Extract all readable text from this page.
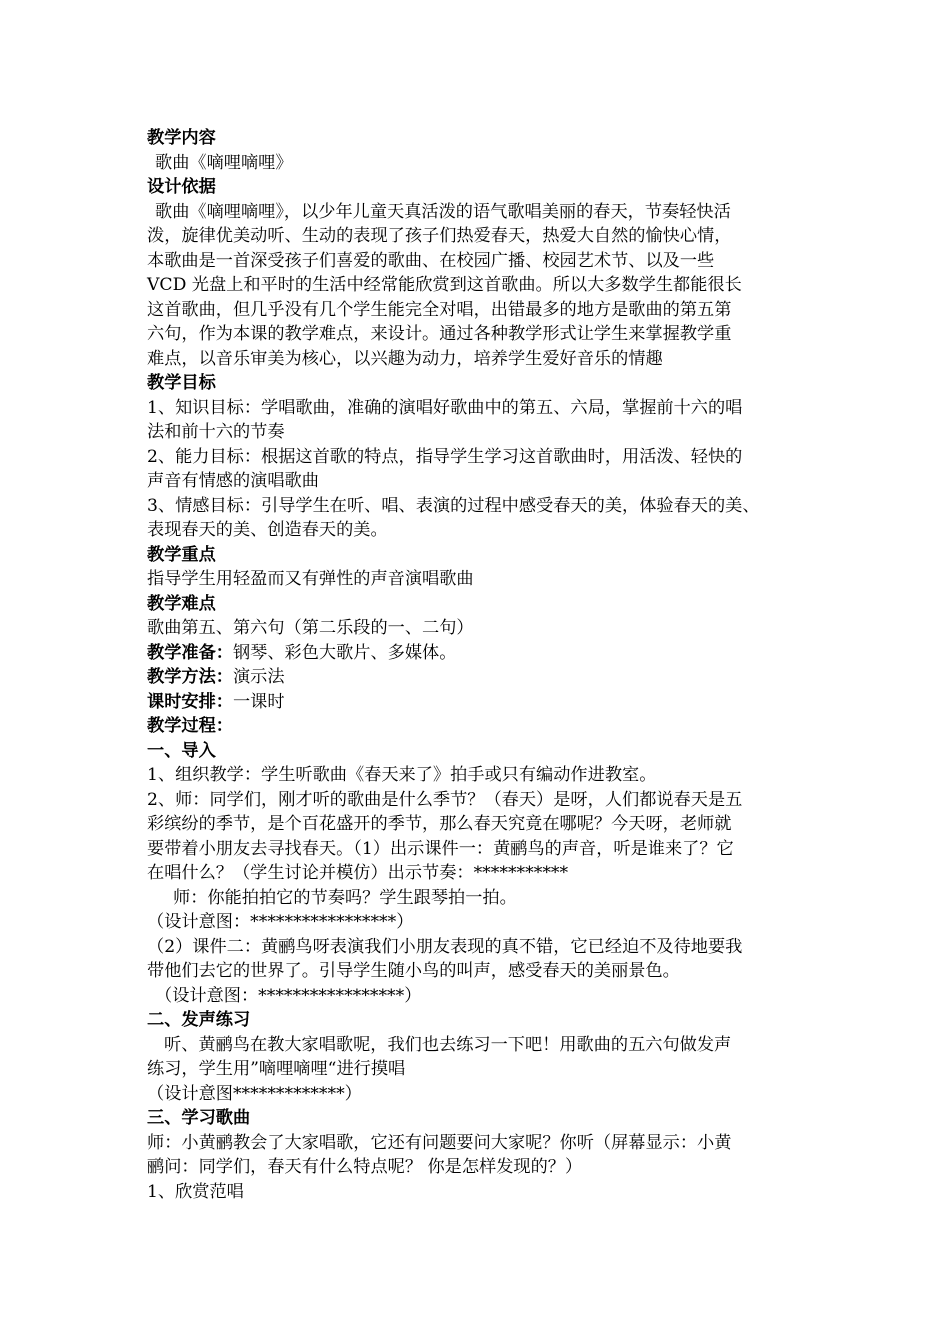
教学内容
歌曲《嘀哩嘀哩》
设计依据
歌曲《嘀哩嘀哩》，以少年儿童天真活泼的语气歌唱美丽的春天，节奏轻快活
泼，旋律优美动听、生动的表现了孩子们热爱春天，热爱大自然的愉快心情，
本歌曲是一首深受孩子们喜爱的歌曲、在校园广播、校园艺术节、以及一些
VCD 光盘上和平时的生活中经常能欣赏到这首歌曲。所以大多数学生都能很长
这首歌曲，但几乎没有几个学生能完全对唱，出错最多的地方是歌曲的第五第
六句，作为本课的教学难点，来设计。通过各种教学形式让学生来掌握教学重
难点，以音乐审美为核心，以兴趣为动力，培养学生爱好音乐的情趣
教学目标
1、知识目标：学唱歌曲，准确的演唱好歌曲中的第五、六局，掌握前十六的唱
法和前十六的节奏
2、能力目标：根据这首歌的特点，指导学生学习这首歌曲时，用活泼、轻快的
声音有情感的演唱歌曲
3、情感目标：引导学生在听、唱、表演的过程中感受春天的美，体验春天的美、
表现春天的美、创造春天的美。
教学重点
指导学生用轻盈而又有弹性的声音演唱歌曲
教学难点
歌曲第五、第六句（第二乐段的一、二句）
教学准备：钢琴、彩色大歌片、多媒体。
教学方法：演示法
课时安排：一课时
教学过程：
一、导入
1、组织教学：学生听歌曲《春天来了》拍手或只有编动作进教室。
2、师：同学们，刚才听的歌曲是什么季节？（春天）是呀，人们都说春天是五
彩缤纷的季节，是个百花盛开的季节，那么春天究竟在哪呢？今天呀，老师就
要带着小朋友去寻找春天。（1）出示课件一：黄鹂鸟的声音，听是谁来了？它
在唱什么？（学生讨论并模仿）出示节奏：***********
师：你能拍拍它的节奏吗？学生跟琴拍一拍。
（设计意图：*****************）
（2）课件二：黄鹂鸟呀表演我们小朋友表现的真不错，它已经迫不及待地要我
带他们去它的世界了。引导学生随小鸟的叫声，感受春天的美丽景色。
（设计意图：*****************）
二、发声练习
听、黄鹂鸟在教大家唱歌呢，我们也去练习一下吧！用歌曲的五六句做发声
练习，学生用”嘀哩嘀哩“进行摸唱
（设计意图*************）
三、学习歌曲
师：小黄鹂教会了大家唱歌，它还有问题要问大家呢？你听（屏幕显示：小黄
鹂问：同学们，春天有什么特点呢？ 你是怎样发现的？）
1、欣赏范唱
